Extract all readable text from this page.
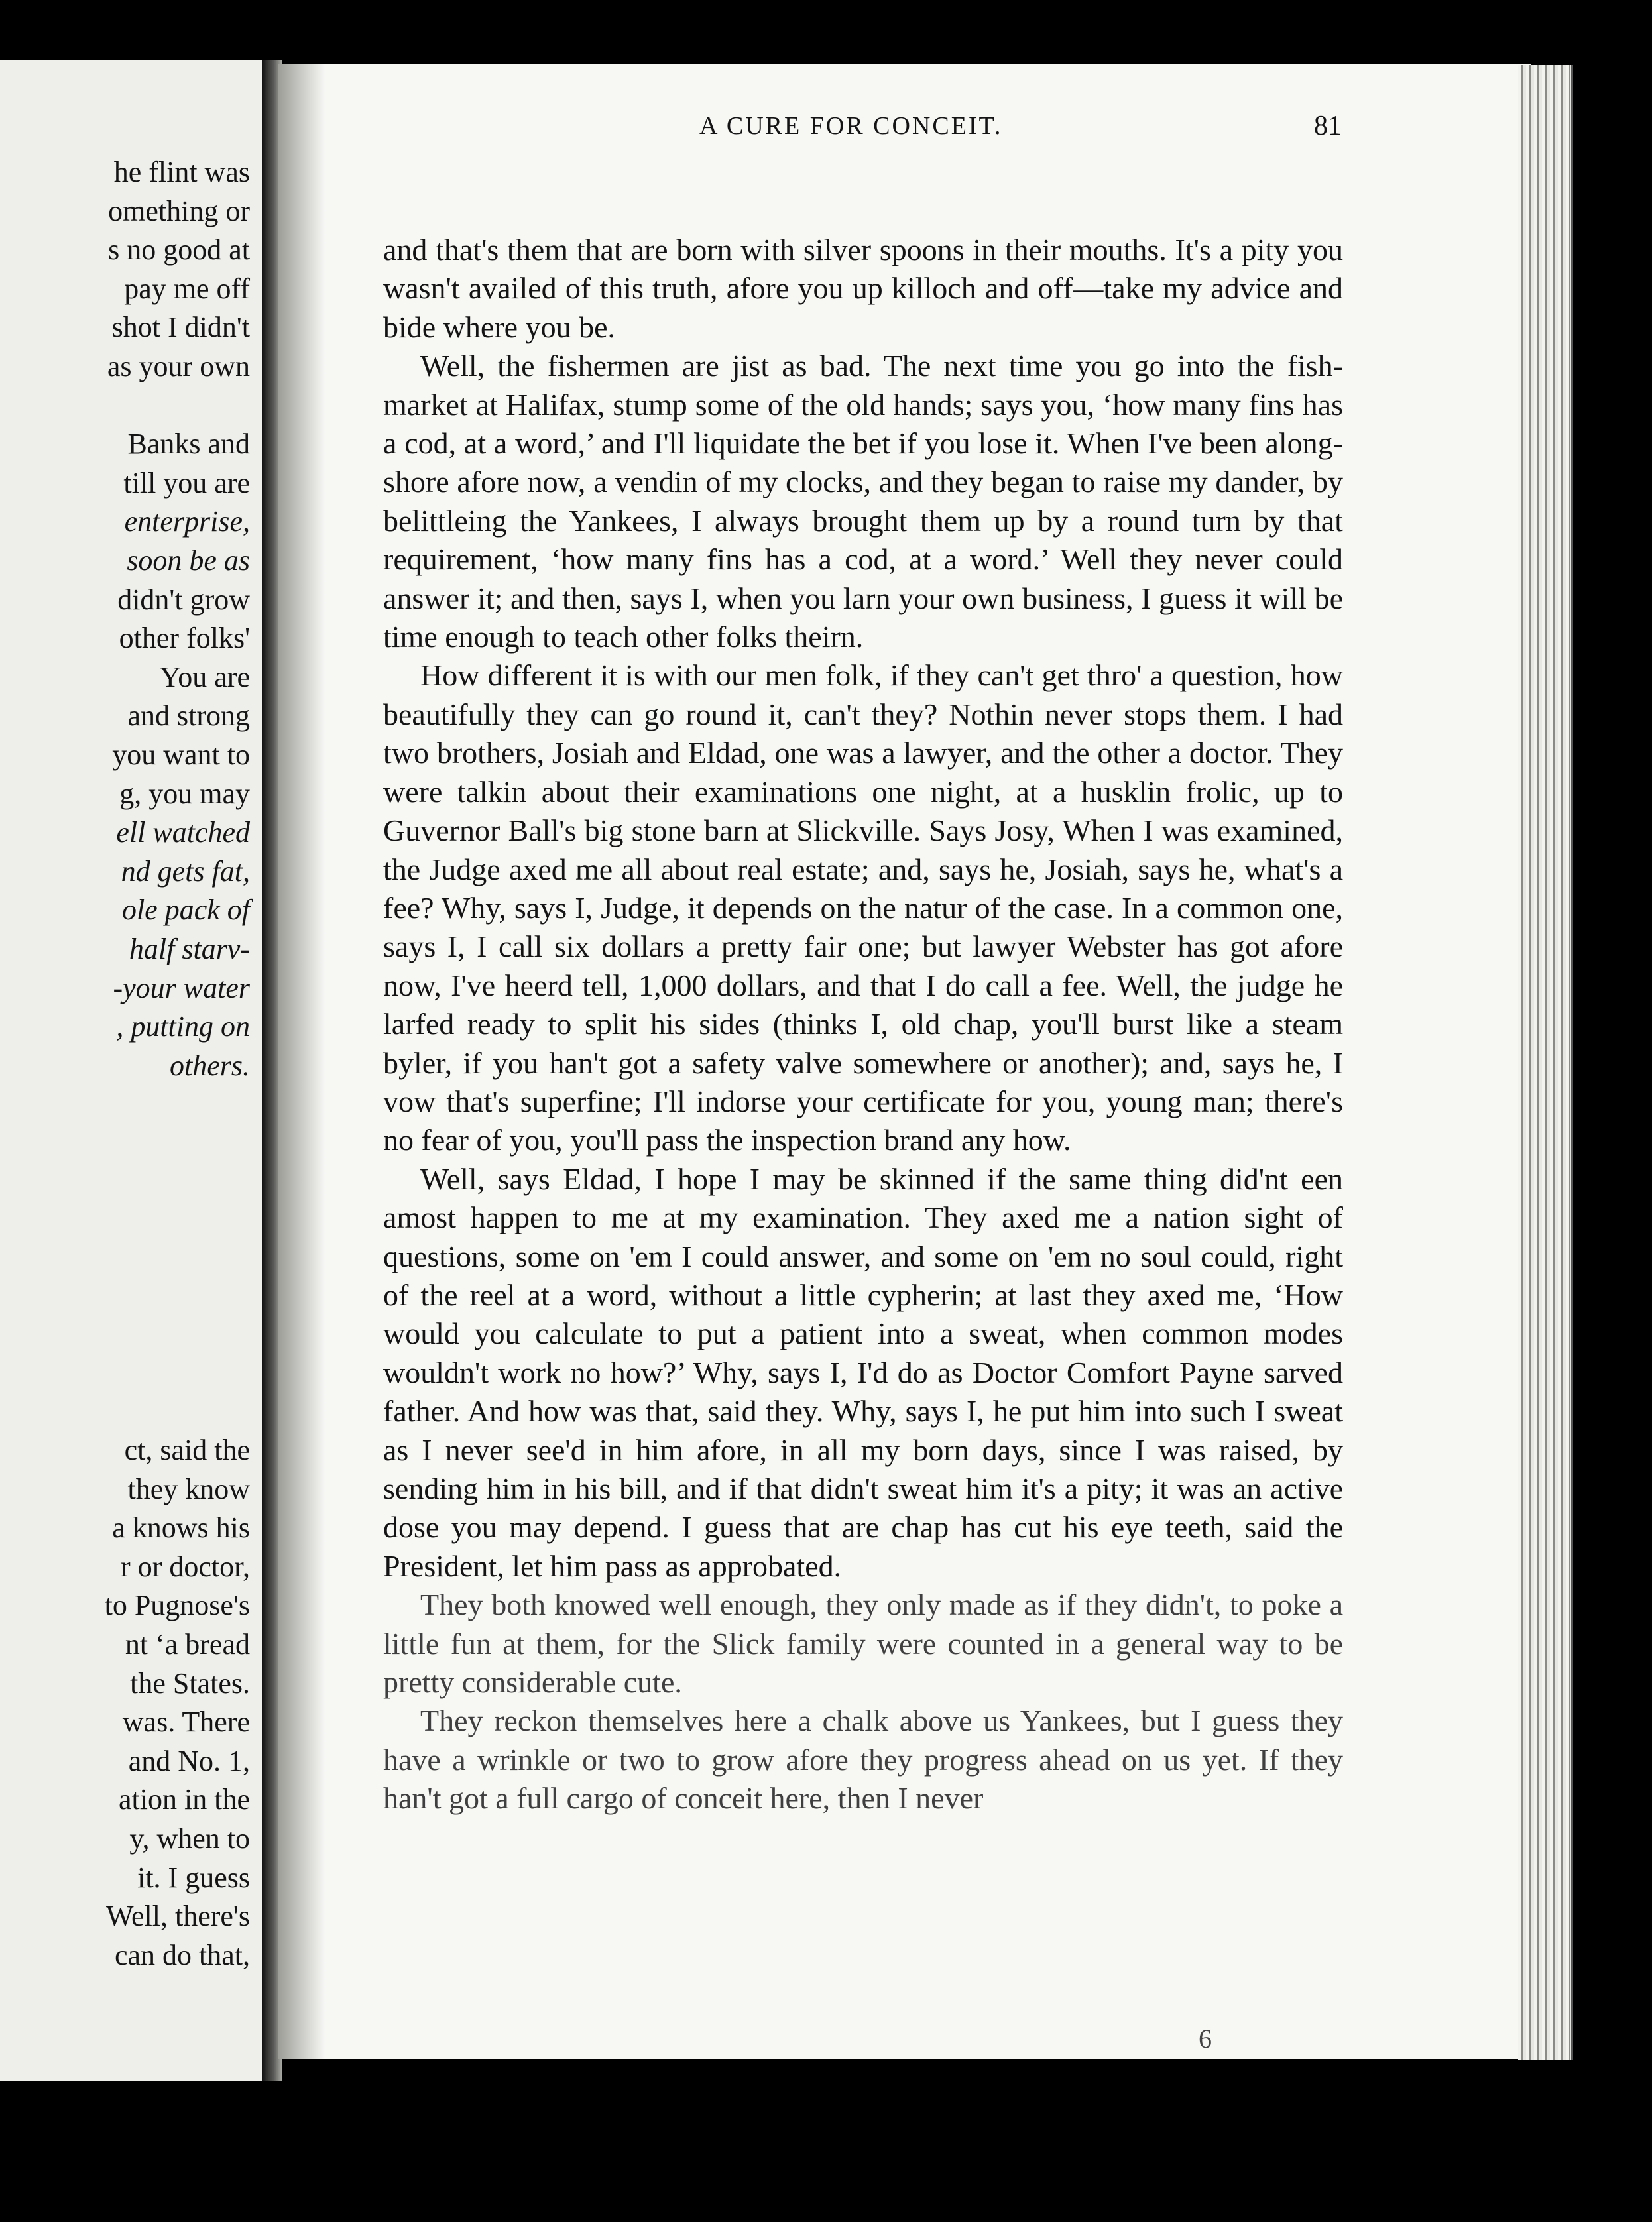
he flint was
omething or
s no good at
pay me off
shot I didn't
as your own
Banks and
till you are
enterprise,
soon be as
didn't grow
other folks'
You are
and strong
you want to
g, you may
ell watched
nd gets fat,
ole pack of
half starv-
-your water
, putting on
others.
ct, said the
they know
a knows his
r or doctor,
to Pugnose's
nt ‘a bread
the States.
was. There
and No. 1,
ation in the
y, when to
it. I guess
Well, there's
can do that,
A CURE FOR CONCEIT.	81

and that's them that are born with silver spoons in their mouths. It's a pity you wasn't availed of this truth, afore you up killoch and off—take my advice and bide where you be.

Well, the fishermen are jist as bad. The next time you go into the fish-market at Halifax, stump some of the old hands; says you, ‘how many fins has a cod, at a word,’ and I'll liquidate the bet if you lose it. When I've been along-shore afore now, a vendin of my clocks, and they began to raise my dander, by belittleing the Yankees, I always brought them up by a round turn by that requirement, ‘how many fins has a cod, at a word.’ Well they never could answer it; and then, says I, when you larn your own business, I guess it will be time enough to teach other folks theirn.

How different it is with our men folk, if they can't get thro' a question, how beautifully they can go round it, can't they? Nothin never stops them. I had two brothers, Josiah and Eldad, one was a lawyer, and the other a doctor. They were talkin about their examinations one night, at a husklin frolic, up to Guvernor Ball's big stone barn at Slickville. Says Josy, When I was examined, the Judge axed me all about real estate; and, says he, Josiah, says he, what's a fee? Why, says I, Judge, it depends on the natur of the case. In a common one, says I, I call six dollars a pretty fair one; but lawyer Webster has got afore now, I've heerd tell, 1,000 dollars, and that I do call a fee. Well, the judge he larfed ready to split his sides (thinks I, old chap, you'll burst like a steam byler, if you han't got a safety valve somewhere or another); and, says he, I vow that's superfine; I'll indorse your certificate for you, young man; there's no fear of you, you'll pass the inspection brand any how.

Well, says Eldad, I hope I may be skinned if the same thing did'nt een amost happen to me at my examination. They axed me a nation sight of questions, some on 'em I could answer, and some on 'em no soul could, right of the reel at a word, without a little cypherin; at last they axed me, ‘How would you calculate to put a patient into a sweat, when common modes wouldn't work no how?’ Why, says I, I'd do as Doctor Comfort Payne sarved father. And how was that, said they. Why, says I, he put him into such I sweat as I never see'd in him afore, in all my born days, since I was raised, by sending him in his bill, and if that didn't sweat him it's a pity; it was an active dose you may depend. I guess that are chap has cut his eye teeth, said the President, let him pass as approbated.

They both knowed well enough, they only made as if they didn't, to poke a little fun at them, for the Slick family were counted in a general way to be pretty considerable cute.

They reckon themselves here a chalk above us Yankees, but I guess they have a wrinkle or two to grow afore they progress ahead on us yet. If they han't got a full cargo of conceit here, then I never

6
